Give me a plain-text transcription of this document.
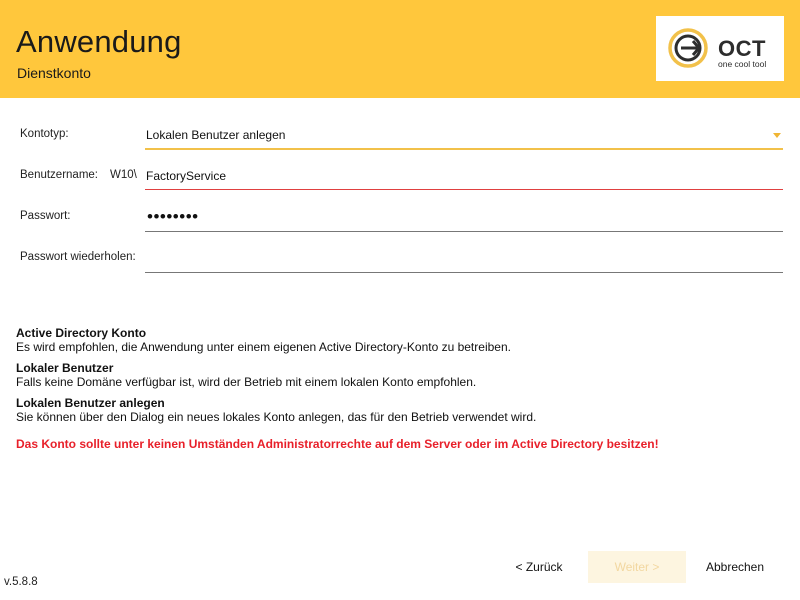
Anwendung
Dienstkonto
OCT
one cool tool
Kontotyp:	Lokalen Benutzer anlegen
Benutzername: W10\ FactoryService
Passwort:	••••••••
Passwort wiederholen:
Active Directory Konto
Es wird empfohlen, die Anwendung unter einem eigenen Active Directory-Konto zu betreiben.
Lokaler Benutzer
Falls keine Domäne verfügbar ist, wird der Betrieb mit einem lokalen Konto empfohlen.
Lokalen Benutzer anlegen
Sie können über den Dialog ein neues lokales Konto anlegen, das für den Betrieb verwendet wird.
Das Konto sollte unter keinen Umständen Administratorrechte auf dem Server oder im Active Directory besitzen!
< Zurück	Weiter >	Abbrechen
v.5.8.8
